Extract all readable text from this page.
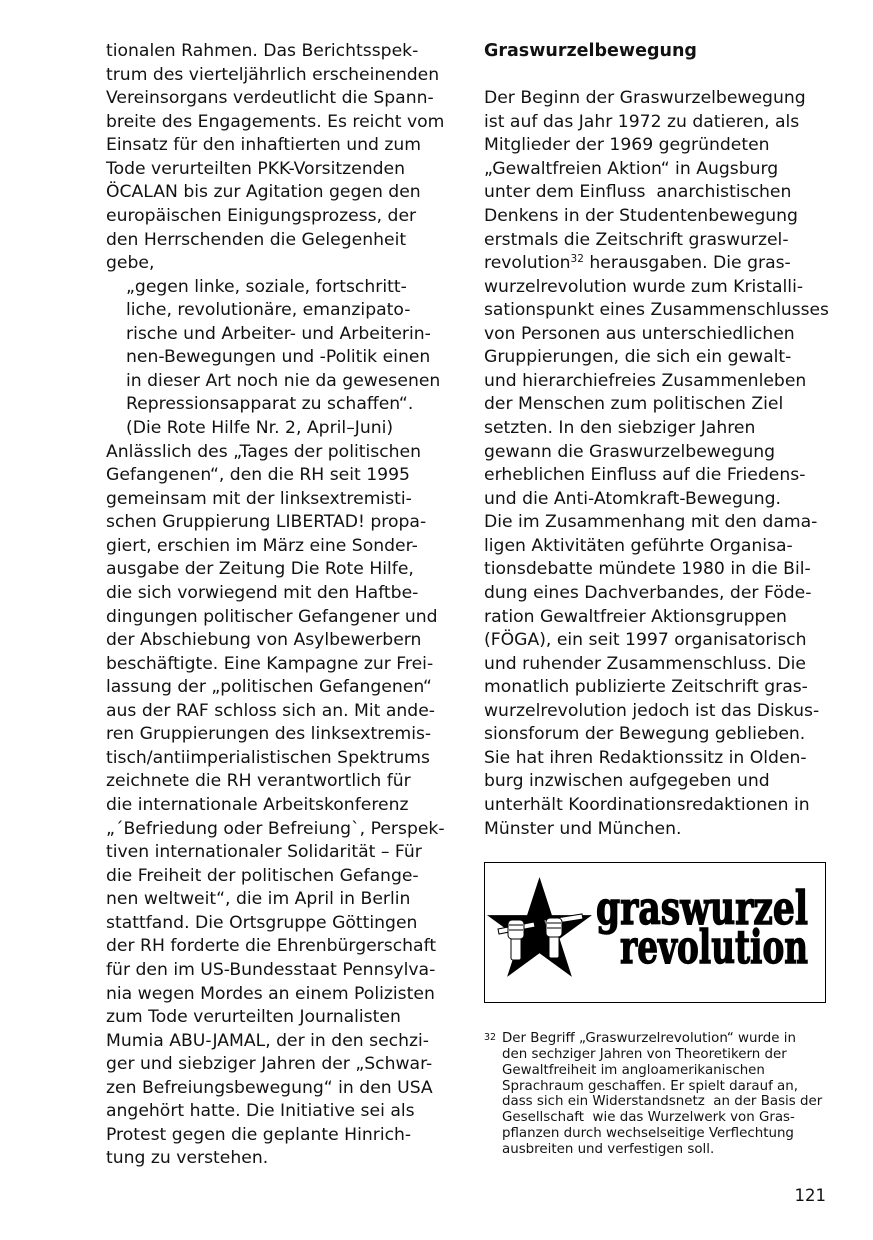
tionalen Rahmen. Das Berichtsspek-
trum des vierteljährlich erscheinenden
Vereinsorgans verdeutlicht die Spann-
breite des Engagements. Es reicht vom
Einsatz für den inhaftierten und zum
Tode verurteilten PKK-Vorsitzenden
ÖCALAN bis zur Agitation gegen den
europäischen Einigungsprozess, der
den Herrschenden die Gelegenheit
gebe,
„gegen linke, soziale, fortschritt-
liche, revolutionäre, emanzipato-
rische und Arbeiter- und Arbeiterin-
nen-Bewegungen und -Politik einen
in dieser Art noch nie da gewesenen
Repressionsapparat zu schaffen“.
(Die Rote Hilfe Nr. 2, April–Juni)
Anlässlich des „Tages der politischen
Gefangenen“, den die RH seit 1995
gemeinsam mit der linksextremisti-
schen Gruppierung LIBERTAD! propa-
giert, erschien im März eine Sonder-
ausgabe der Zeitung Die Rote Hilfe,
die sich vorwiegend mit den Haftbe-
dingungen politischer Gefangener und
der Abschiebung von Asylbewerbern
beschäftigte. Eine Kampagne zur Frei-
lassung der „politischen Gefangenen“
aus der RAF schloss sich an. Mit ande-
ren Gruppierungen des linksextremis-
tisch/antiimperialistischen Spektrums
zeichnete die RH verantwortlich für
die internationale Arbeitskonferenz
„´Befriedung oder Befreiung`, Perspek-
tiven internationaler Solidarität – Für
die Freiheit der politischen Gefange-
nen weltweit“, die im April in Berlin
stattfand. Die Ortsgruppe Göttingen
der RH forderte die Ehrenbürgerschaft
für den im US-Bundesstaat Pennsylva-
nia wegen Mordes an einem Polizisten
zum Tode verurteilten Journalisten
Mumia ABU-JAMAL, der in den sechzi-
ger und siebziger Jahren der „Schwar-
zen Befreiungsbewegung“ in den USA
angehört hatte. Die Initiative sei als
Protest gegen die geplante Hinrich-
tung zu verstehen.
Graswurzelbewegung
Der Beginn der Graswurzelbewegung
ist auf das Jahr 1972 zu datieren, als
Mitglieder der 1969 gegründeten
„Gewaltfreien Aktion“ in Augsburg
unter dem Einfluss  anarchistischen
Denkens in der Studentenbewegung
erstmals die Zeitschrift graswurzel-
revolution$^{32}$ herausgaben. Die gras-
wurzelrevolution wurde zum Kristalli-
sationspunkt eines Zusammenschlusses
von Personen aus unterschiedlichen
Gruppierungen, die sich ein gewalt-
und hierarchiefreies Zusammenleben
der Menschen zum politischen Ziel
setzten. In den siebziger Jahren
gewann die Graswurzelbewegung
erheblichen Einfluss auf die Friedens-
und die Anti-Atomkraft-Bewegung.
Die im Zusammenhang mit den dama-
ligen Aktivitäten geführte Organisa-
tionsdebatte mündete 1980 in die Bil-
dung eines Dachverbandes, der Föde-
ration Gewaltfreier Aktionsgruppen
(FÖGA), ein seit 1997 organisatorisch
und ruhender Zusammenschluss. Die
monatlich publizierte Zeitschrift gras-
wurzelrevolution jedoch ist das Diskus-
sionsforum der Bewegung geblieben.
Sie hat ihren Redaktionssitz in Olden-
burg inzwischen aufgegeben und
unterhält Koordinationsredaktionen in
Münster und München.
graswurzel
revolution
32 Der Begriff „Graswurzelrevolution“ wurde in
den sechziger Jahren von Theoretikern der
Gewaltfreiheit im angloamerikanischen
Sprachraum geschaffen. Er spielt darauf an,
dass sich ein Widerstandsnetz  an der Basis der
Gesellschaft  wie das Wurzelwerk von Gras-
pflanzen durch wechselseitige Verflechtung
ausbreiten und verfestigen soll.
121
